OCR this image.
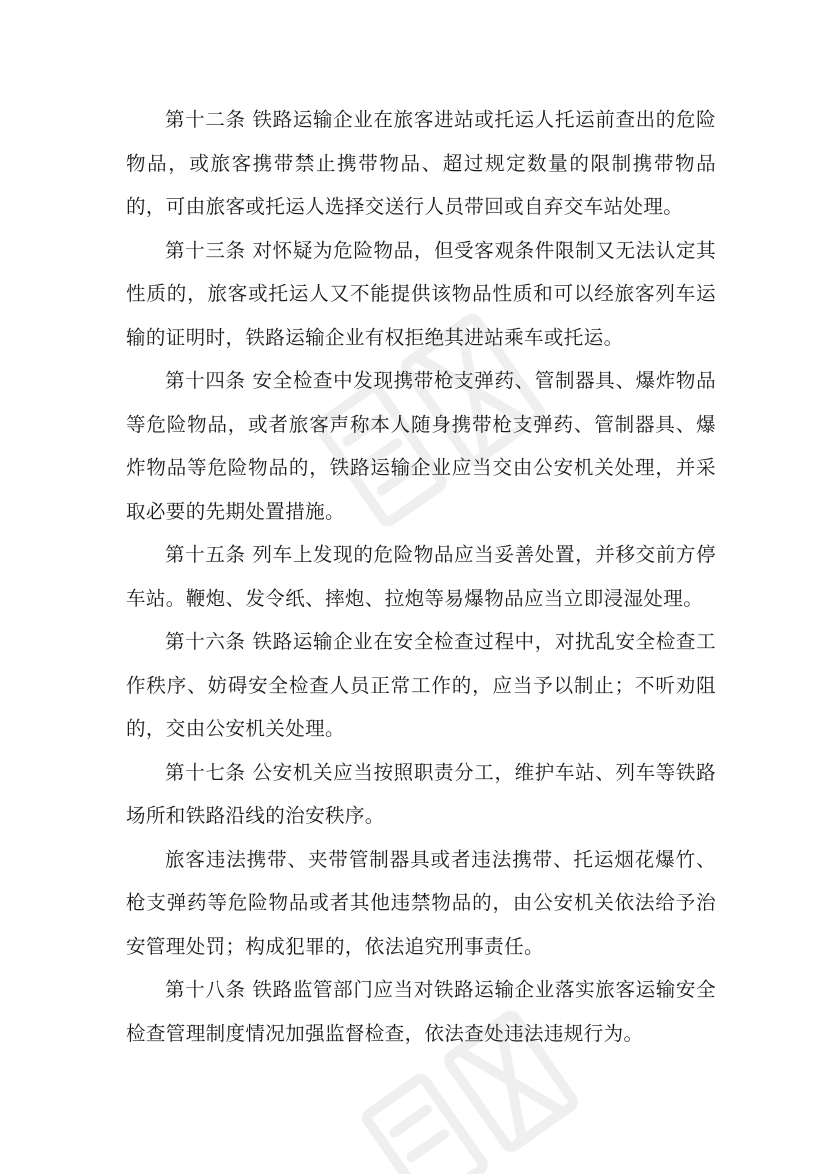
第十二条 铁路运输企业在旅客进站或托运人托运前查出的危险物品，或旅客携带禁止携带物品、超过规定数量的限制携带物品的，可由旅客或托运人选择交送行人员带回或自弃交车站处理。

第十三条 对怀疑为危险物品，但受客观条件限制又无法认定其性质的，旅客或托运人又不能提供该物品性质和可以经旅客列车运输的证明时，铁路运输企业有权拒绝其进站乘车或托运。

第十四条 安全检查中发现携带枪支弹药、管制器具、爆炸物品等危险物品，或者旅客声称本人随身携带枪支弹药、管制器具、爆炸物品等危险物品的，铁路运输企业应当交由公安机关处理，并采取必要的先期处置措施。

第十五条 列车上发现的危险物品应当妥善处置，并移交前方停车站。鞭炮、发令纸、摔炮、拉炮等易爆物品应当立即浸湿处理。

第十六条 铁路运输企业在安全检查过程中，对扰乱安全检查工作秩序、妨碍安全检查人员正常工作的，应当予以制止；不听劝阻的，交由公安机关处理。

第十七条 公安机关应当按照职责分工，维护车站、列车等铁路场所和铁路沿线的治安秩序。

旅客违法携带、夹带管制器具或者违法携带、托运烟花爆竹、枪支弹药等危险物品或者其他违禁物品的，由公安机关依法给予治安管理处罚；构成犯罪的，依法追究刑事责任。

第十八条 铁路监管部门应当对铁路运输企业落实旅客运输安全检查管理制度情况加强监督检查，依法查处违法违规行为。
